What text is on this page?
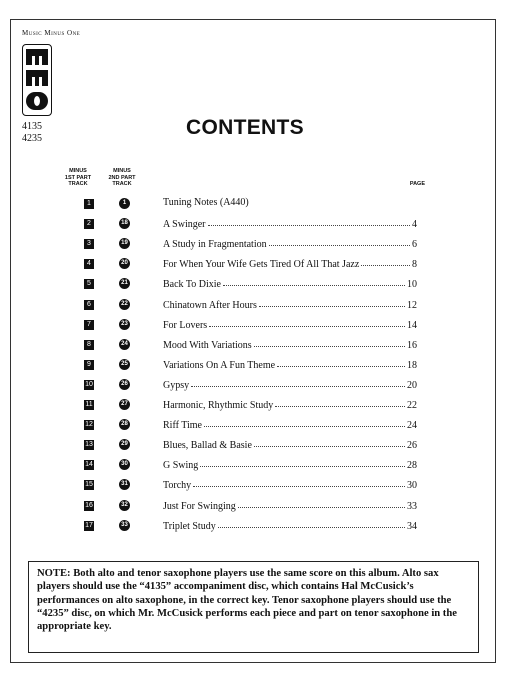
Music Minus One
4135
4235	CONTENTS
MINUS
1ST PART
TRACK
MINUS
2ND PART
TRACK	PAGE
1	1	Tuning Notes (A440)
2	18	A Swinger	4
3	19	A Study in Fragmentation	6
4	20	For When Your Wife Gets Tired Of All That Jazz	8
5	21	Back To Dixie	10
6	22	Chinatown After Hours	12
7	23	For Lovers	14
8	24	Mood With Variations	16
9	25	Variations On A Fun Theme	18
10	26	Gypsy	20
11	27	Harmonic, Rhythmic Study	22
12	28	Riff Time	24
13	29	Blues, Ballad & Basie	26
14	30	G Swing	28
15	31	Torchy	30
16	32	Just For Swinging	33
17	33	Triplet Study	34
NOTE: Both alto and tenor saxophone players use the same score on this album. Alto sax players should use the “4135” accompaniment disc, which contains Hal McCusick’s performances on alto saxophone, in the correct key. Tenor saxophone players should use the “4235” disc, on which Mr. McCusick performs each piece and part on tenor saxophone in the appropriate key.
